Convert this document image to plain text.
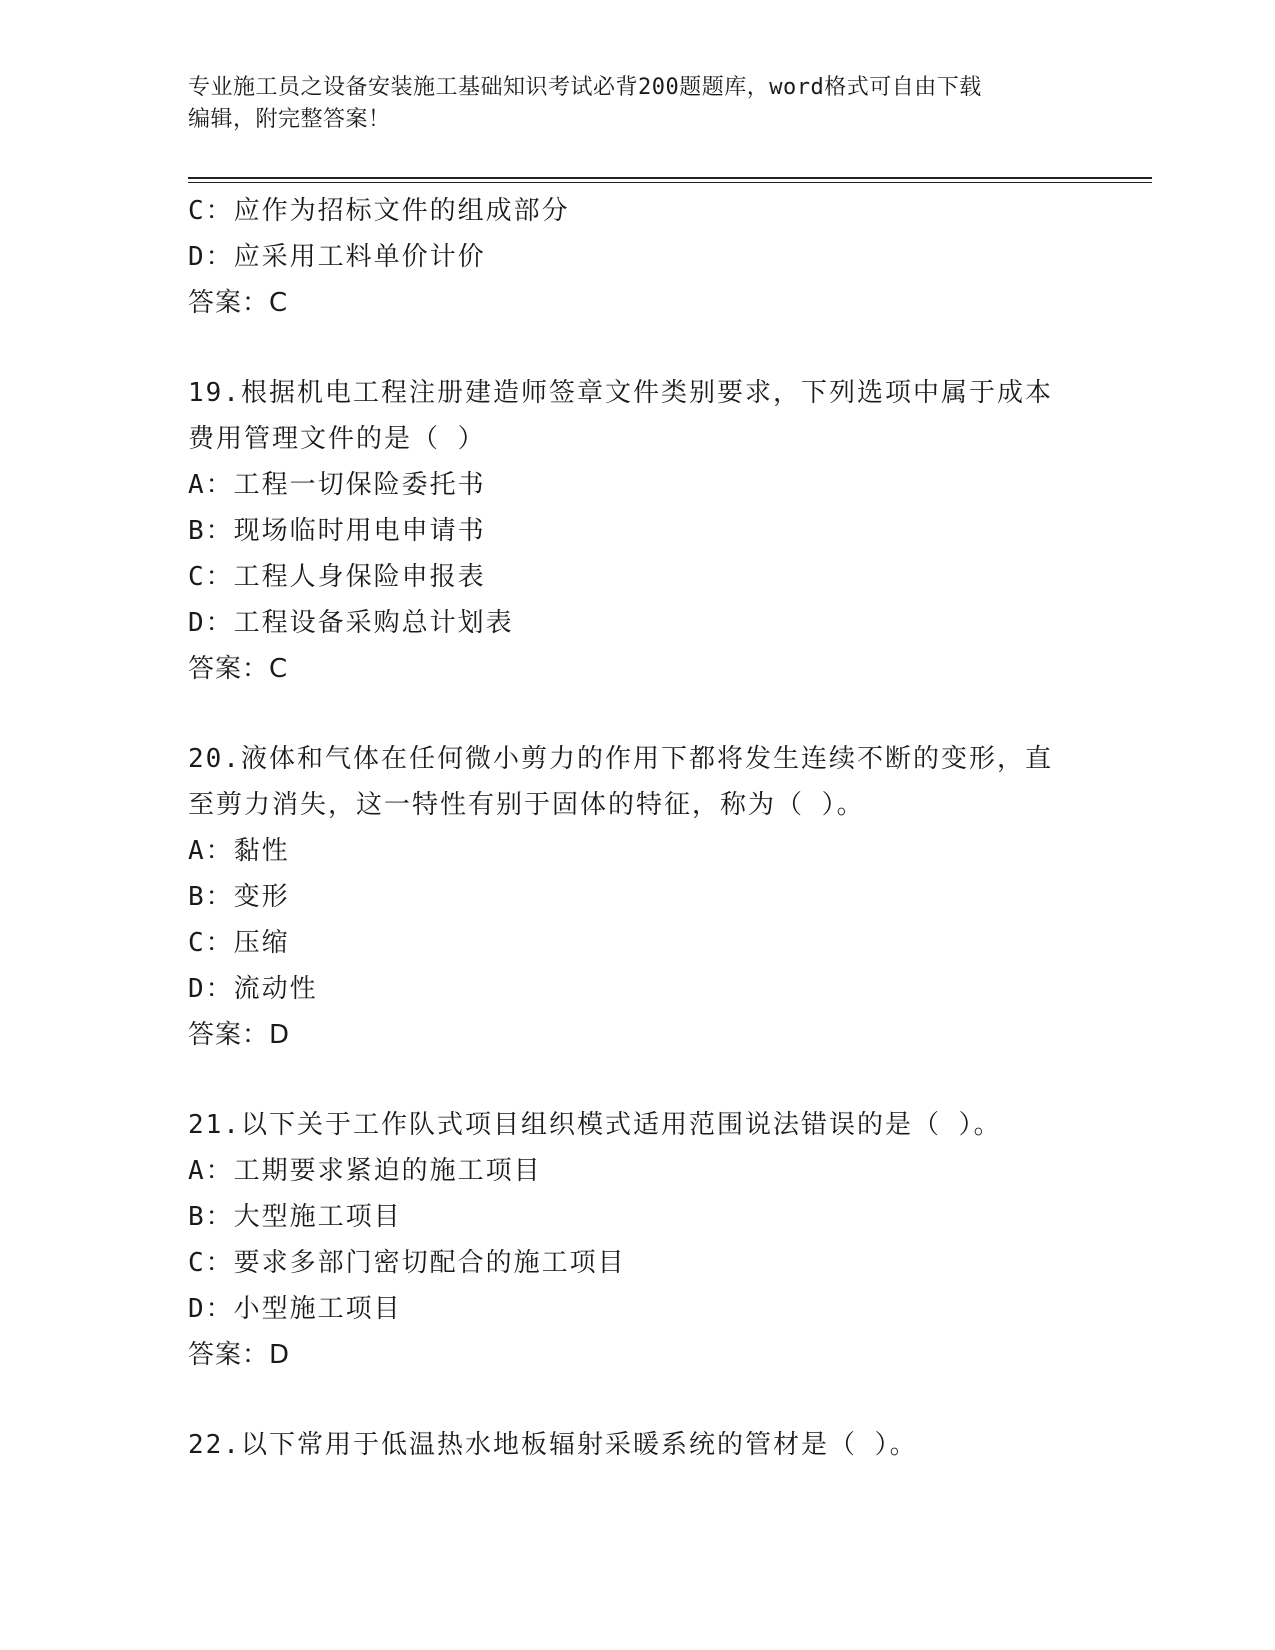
专业施工员之设备安装施工基础知识考试必背200题题库，word格式可自由下载
编辑，附完整答案！
C：应作为招标文件的组成部分
D：应采用工料单价计价
答案：C
19.根据机电工程注册建造师签章文件类别要求，下列选项中属于成本
费用管理文件的是（ ）
A：工程一切保险委托书
B：现场临时用电申请书
C：工程人身保险申报表
D：工程设备采购总计划表
答案：C
20.液体和气体在任何微小剪力的作用下都将发生连续不断的变形，直
至剪力消失，这一特性有别于固体的特征，称为（ ）。
A：黏性
B：变形
C：压缩
D：流动性
答案：D
21.以下关于工作队式项目组织模式适用范围说法错误的是（ ）。
A：工期要求紧迫的施工项目
B：大型施工项目
C：要求多部门密切配合的施工项目
D：小型施工项目
答案：D
22.以下常用于低温热水地板辐射采暖系统的管材是（ ）。
